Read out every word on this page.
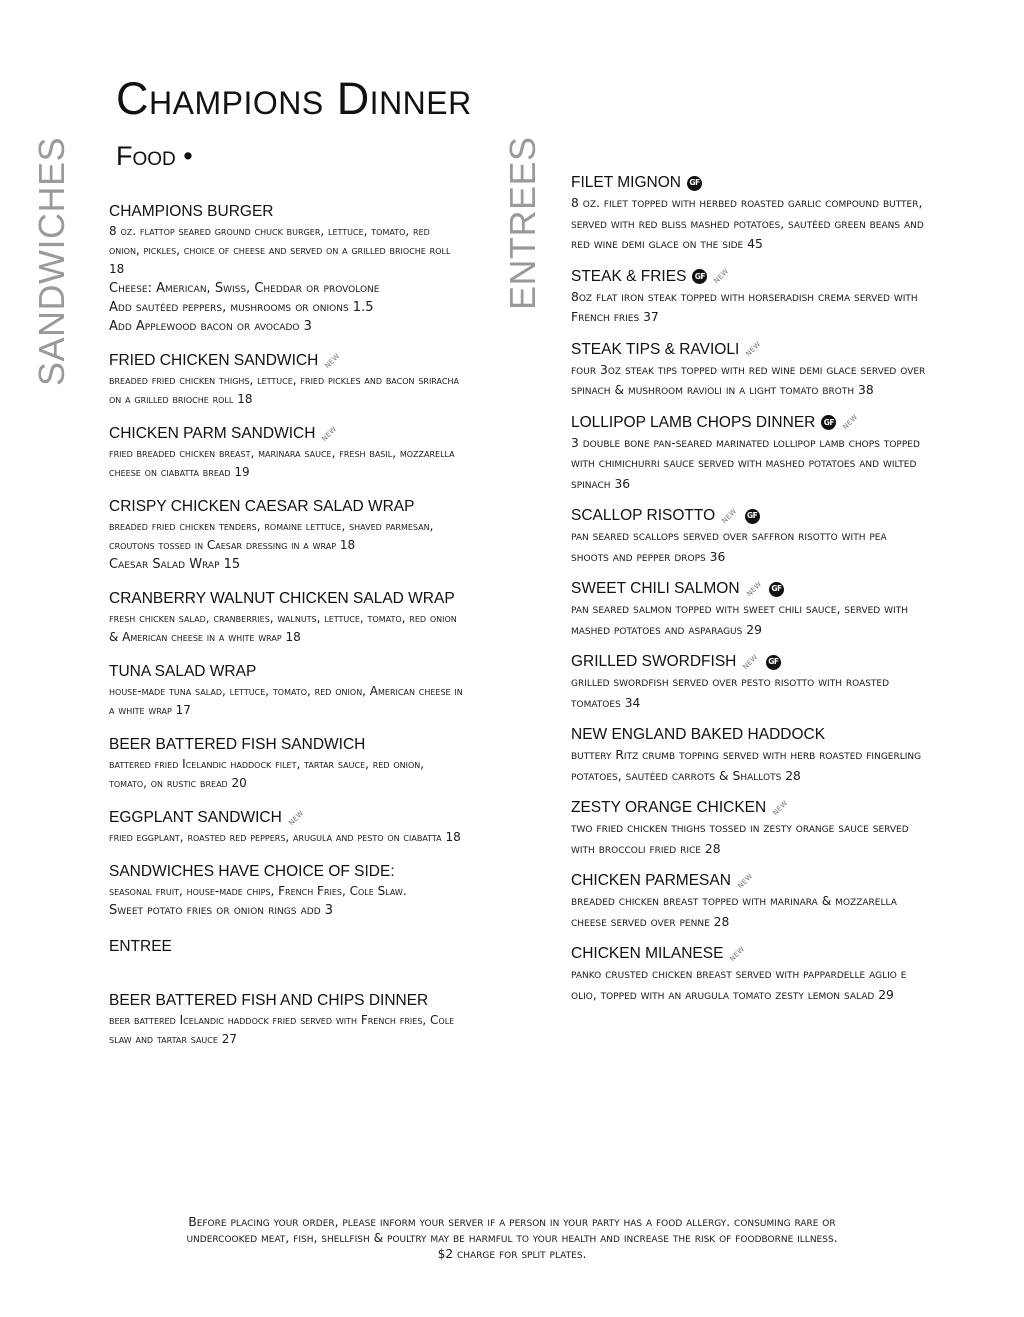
Champions Dinner
Food •
SANDWICHES	ENTREES
CHAMPIONS BURGER
8 oz. flattop seared ground chuck burger, lettuce, tomato, red onion, pickles, choice of cheese and served on a grilled brioche roll 18
Cheese: American, Swiss, Cheddar or provolone
Add sautéed peppers, mushrooms or onions 1.5
Add Applewood bacon or avocado 3
FRIED CHICKEN SANDWICH NEW
breaded fried chicken thighs, lettuce, fried pickles and bacon sriracha on a grilled brioche roll 18
CHICKEN PARM SANDWICH NEW
fried breaded chicken breast, marinara sauce, fresh basil, mozzarella cheese on ciabatta bread 19
CRISPY CHICKEN CAESAR SALAD WRAP
breaded fried chicken tenders, romaine lettuce, shaved parmesan, croutons tossed in Caesar dressing in a wrap 18
Caesar Salad Wrap 15
CRANBERRY WALNUT CHICKEN SALAD WRAP
fresh chicken salad, cranberries, walnuts, lettuce, tomato, red onion & American cheese in a white wrap 18
TUNA SALAD WRAP
house-made tuna salad, lettuce, tomato, red onion, American cheese in a white wrap 17
BEER BATTERED FISH SANDWICH
battered fried Icelandic haddock filet, tartar sauce, red onion, tomato, on rustic bread 20
EGGPLANT SANDWICH NEW
fried eggplant, roasted red peppers, arugula and pesto on ciabatta 18
SANDWICHES HAVE CHOICE OF SIDE:
seasonal fruit, house-made chips, French Fries, Cole Slaw.
Sweet potato fries or onion rings add 3
ENTREE
BEER BATTERED FISH AND CHIPS DINNER
beer battered Icelandic haddock fried served with French fries, Cole slaw and tartar sauce 27
FILET MIGNON	GF
8 oz. filet topped with herbed roasted garlic compound butter, served with red bliss mashed potatoes, sautéed green beans and red wine demi glace on the side 45
STEAK & FRIES	GF	NEW
8oz flat iron steak topped with horseradish crema served with French fries 37
STEAK TIPS & RAVIOLI NEW
four 3oz steak tips topped with red wine demi glace served over spinach & mushroom ravioli in a light tomato broth 38
LOLLIPOP LAMB CHOPS DINNER	GF	NEW
3 double bone pan-seared marinated lollipop lamb chops topped with chimichurri sauce served with mashed potatoes and wilted spinach 36
SCALLOP RISOTTO NEW	GF
pan seared scallops served over saffron risotto with pea shoots and pepper drops 36
SWEET CHILI SALMON NEW	GF
pan seared salmon topped with sweet chili sauce, served with mashed potatoes and asparagus 29
GRILLED SWORDFISH NEW	GF
grilled swordfish served over pesto risotto with roasted tomatoes 34
NEW ENGLAND BAKED HADDOCK
buttery Ritz crumb topping served with herb roasted fingerling potatoes, sautéed carrots & Shallots 28
ZESTY ORANGE CHICKEN NEW
two fried chicken thighs tossed in zesty orange sauce served with broccoli fried rice 28
CHICKEN PARMESAN NEW
breaded chicken breast topped with marinara & mozzarella cheese served over penne 28
CHICKEN MILANESE NEW
panko crusted chicken breast served with pappardelle aglio e olio, topped with an arugula tomato zesty lemon salad 29
Before placing your order, please inform your server if a person in your party has a food allergy. consuming rare or
undercooked meat, fish, shellfish & poultry may be harmful to your health and increase the risk of foodborne illness.
$2 charge for split plates.
